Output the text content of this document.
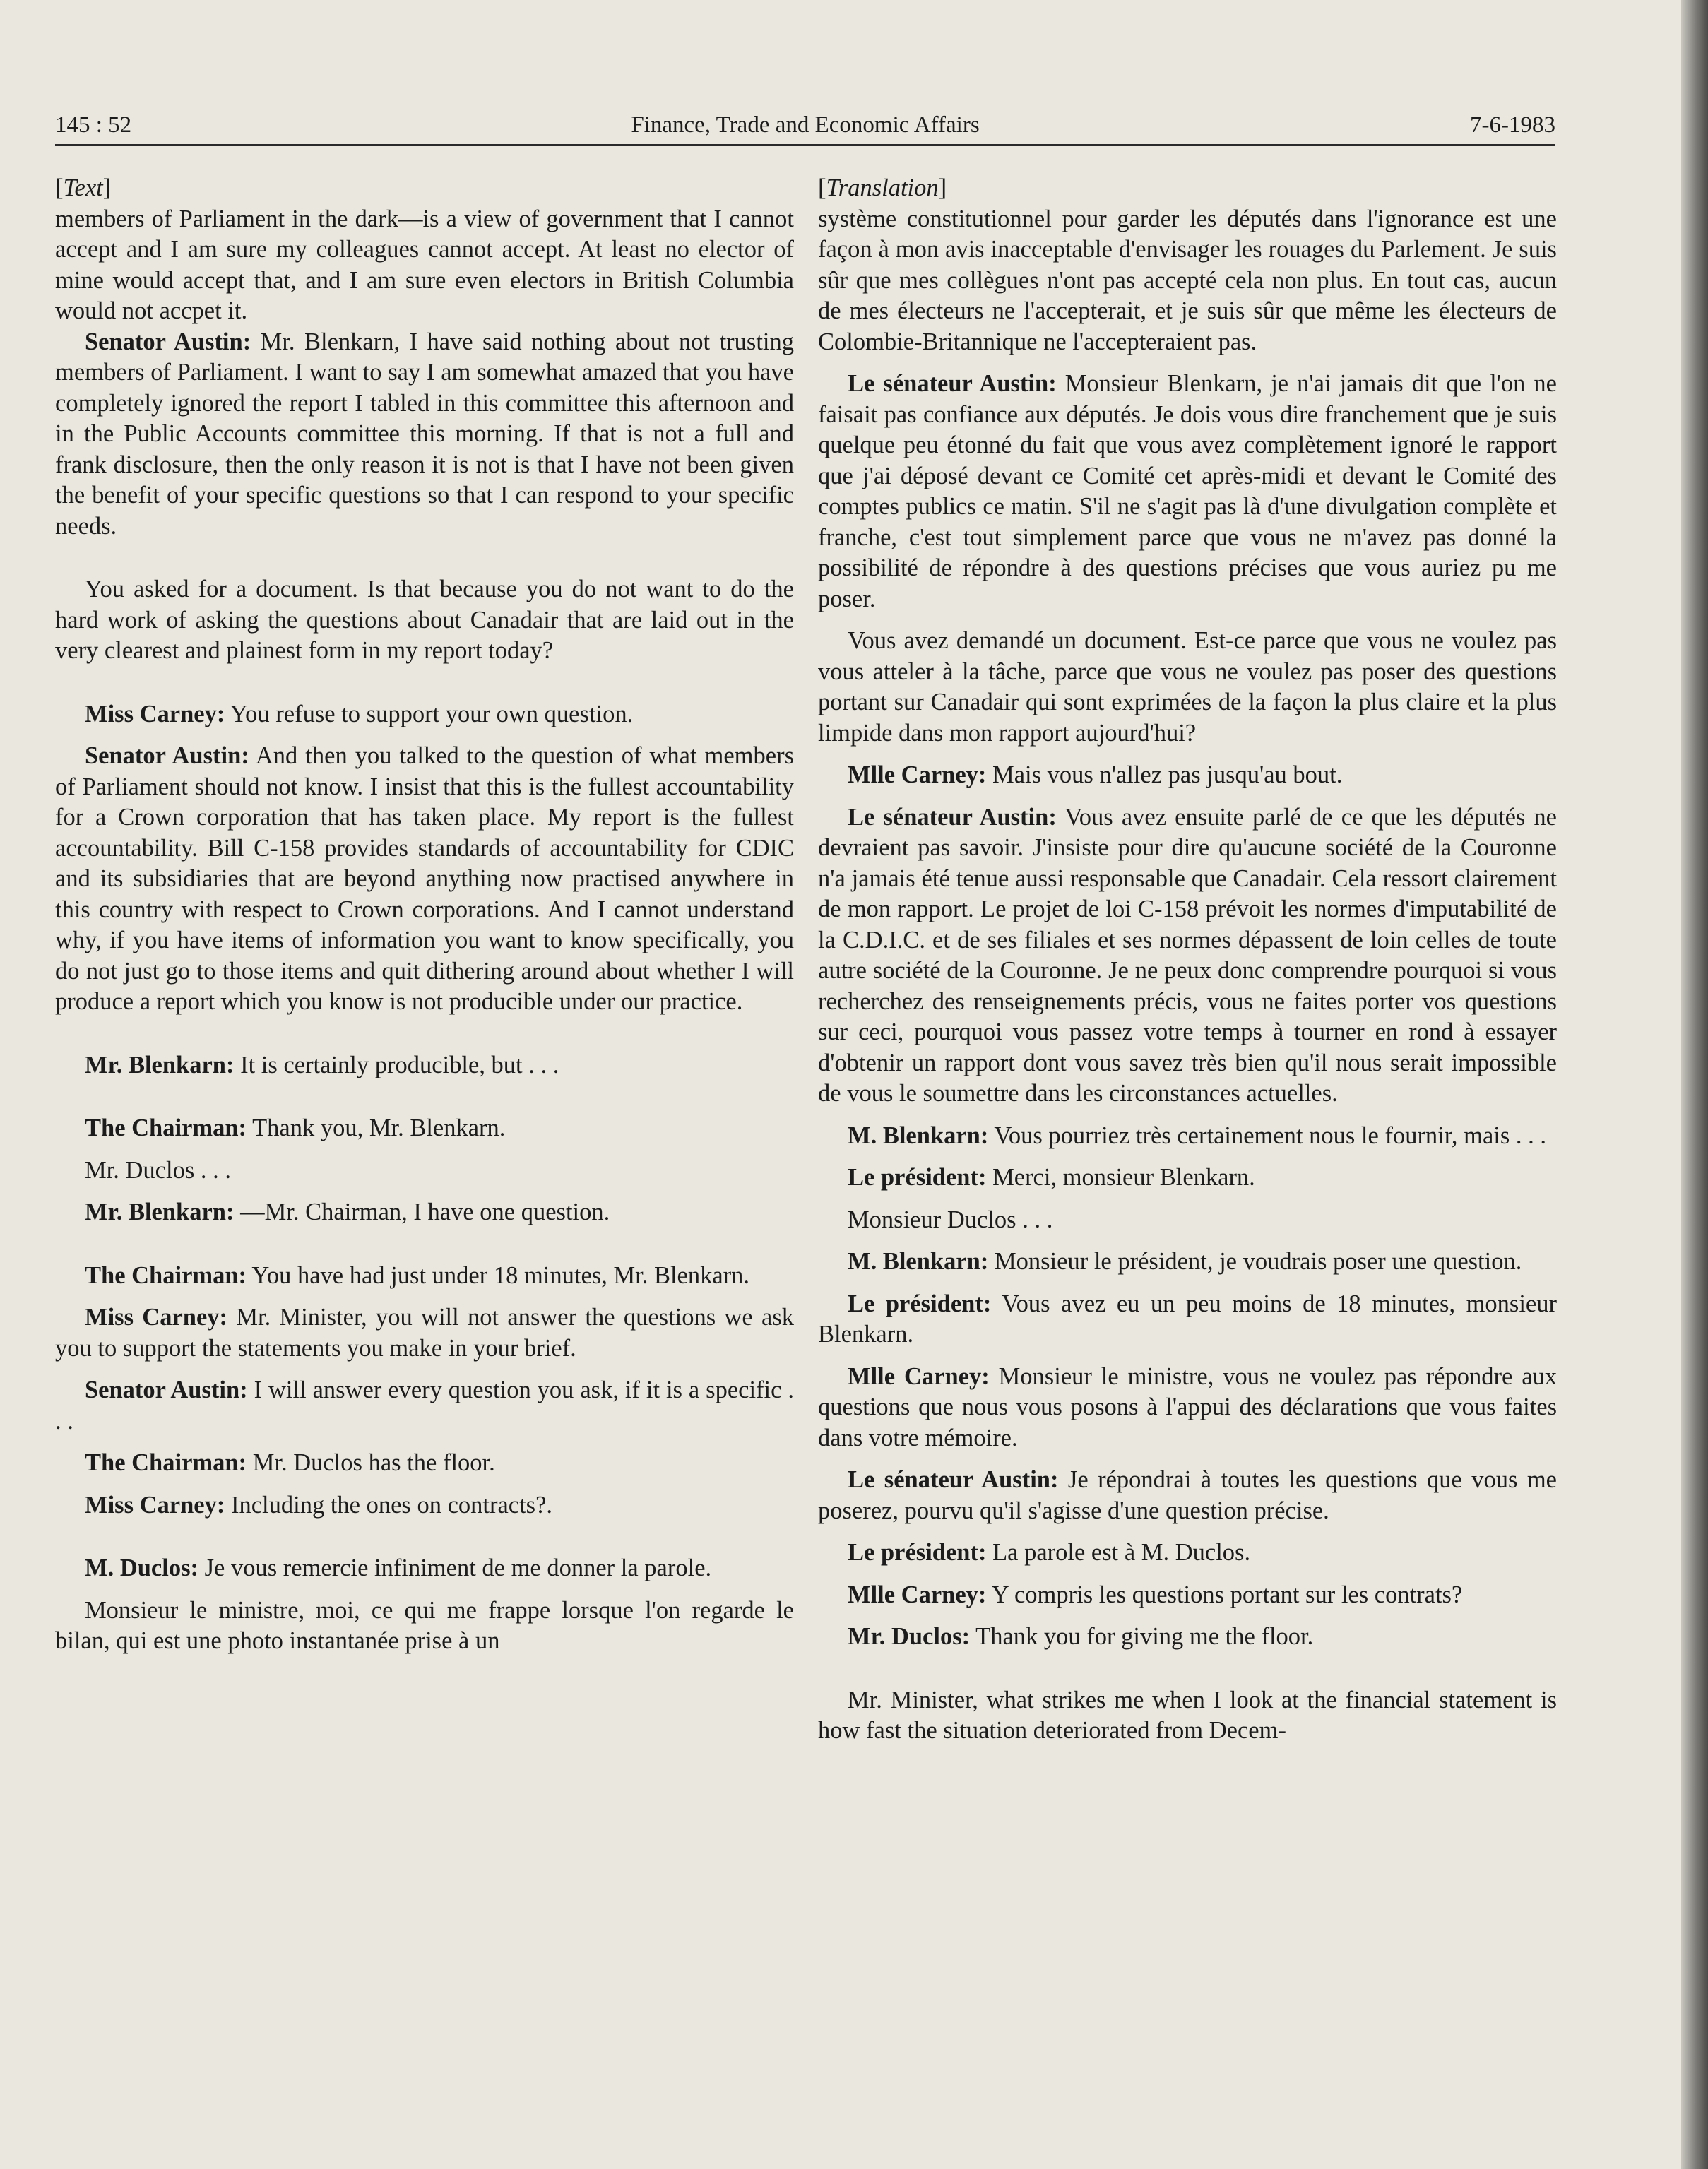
145 : 52	Finance, Trade and Economic Affairs	7-6-1983

[Text]

members of Parliament in the dark—is a view of government that I cannot accept and I am sure my colleagues cannot accept. At least no elector of mine would accept that, and I am sure even electors in British Columbia would not accpet it.

Senator Austin: Mr. Blenkarn, I have said nothing about not trusting members of Parliament. I want to say I am somewhat amazed that you have completely ignored the report I tabled in this committee this afternoon and in the Public Accounts committee this morning. If that is not a full and frank disclosure, then the only reason it is not is that I have not been given the benefit of your specific questions so that I can respond to your specific needs.

You asked for a document. Is that because you do not want to do the hard work of asking the questions about Canadair that are laid out in the very clearest and plainest form in my report today?

Miss Carney: You refuse to support your own question.

Senator Austin: And then you talked to the question of what members of Parliament should not know. I insist that this is the fullest accountability for a Crown corporation that has taken place. My report is the fullest accountability. Bill C-158 provides standards of accountability for CDIC and its subsidiaries that are beyond anything now practised anywhere in this country with respect to Crown corporations. And I cannot understand why, if you have items of information you want to know specifically, you do not just go to those items and quit dithering around about whether I will produce a report which you know is not producible under our practice.

Mr. Blenkarn: It is certainly producible, but . . .

The Chairman: Thank you, Mr. Blenkarn.

Mr. Duclos . . .

Mr. Blenkarn: —Mr. Chairman, I have one question.

The Chairman: You have had just under 18 minutes, Mr. Blenkarn.

Miss Carney: Mr. Minister, you will not answer the questions we ask you to support the statements you make in your brief.

Senator Austin: I will answer every question you ask, if it is a specific . . .

The Chairman: Mr. Duclos has the floor.

Miss Carney: Including the ones on contracts?.

M. Duclos: Je vous remercie infiniment de me donner la parole.

Monsieur le ministre, moi, ce qui me frappe lorsque l'on regarde le bilan, qui est une photo instantanée prise à un

[Translation]

système constitutionnel pour garder les députés dans l'ignorance est une façon à mon avis inacceptable d'envisager les rouages du Parlement. Je suis sûr que mes collègues n'ont pas accepté cela non plus. En tout cas, aucun de mes électeurs ne l'accepterait, et je suis sûr que même les électeurs de Colombie-Britannique ne l'accepteraient pas.

Le sénateur Austin: Monsieur Blenkarn, je n'ai jamais dit que l'on ne faisait pas confiance aux députés. Je dois vous dire franchement que je suis quelque peu étonné du fait que vous avez complètement ignoré le rapport que j'ai déposé devant ce Comité cet après-midi et devant le Comité des comptes publics ce matin. S'il ne s'agit pas là d'une divulgation complète et franche, c'est tout simplement parce que vous ne m'avez pas donné la possibilité de répondre à des questions précises que vous auriez pu me poser.

Vous avez demandé un document. Est-ce parce que vous ne voulez pas vous atteler à la tâche, parce que vous ne voulez pas poser des questions portant sur Canadair qui sont exprimées de la façon la plus claire et la plus limpide dans mon rapport aujourd'hui?

Mlle Carney: Mais vous n'allez pas jusqu'au bout.

Le sénateur Austin: Vous avez ensuite parlé de ce que les députés ne devraient pas savoir. J'insiste pour dire qu'aucune société de la Couronne n'a jamais été tenue aussi responsable que Canadair. Cela ressort clairement de mon rapport. Le projet de loi C-158 prévoit les normes d'imputabilité de la C.D.I.C. et de ses filiales et ses normes dépassent de loin celles de toute autre société de la Couronne. Je ne peux donc comprendre pourquoi si vous recherchez des renseignements précis, vous ne faites porter vos questions sur ceci, pourquoi vous passez votre temps à tourner en rond à essayer d'obtenir un rapport dont vous savez très bien qu'il nous serait impossible de vous le soumettre dans les circonstances actuelles.

M. Blenkarn: Vous pourriez très certainement nous le fournir, mais . . .

Le président: Merci, monsieur Blenkarn.

Monsieur Duclos . . .

M. Blenkarn: Monsieur le président, je voudrais poser une question.

Le président: Vous avez eu un peu moins de 18 minutes, monsieur Blenkarn.

Mlle Carney: Monsieur le ministre, vous ne voulez pas répondre aux questions que nous vous posons à l'appui des déclarations que vous faites dans votre mémoire.

Le sénateur Austin: Je répondrai à toutes les questions que vous me poserez, pourvu qu'il s'agisse d'une question précise.

Le président: La parole est à M. Duclos.

Mlle Carney: Y compris les questions portant sur les contrats?

Mr. Duclos: Thank you for giving me the floor.

Mr. Minister, what strikes me when I look at the financial statement is how fast the situation deteriorated from Decem-
